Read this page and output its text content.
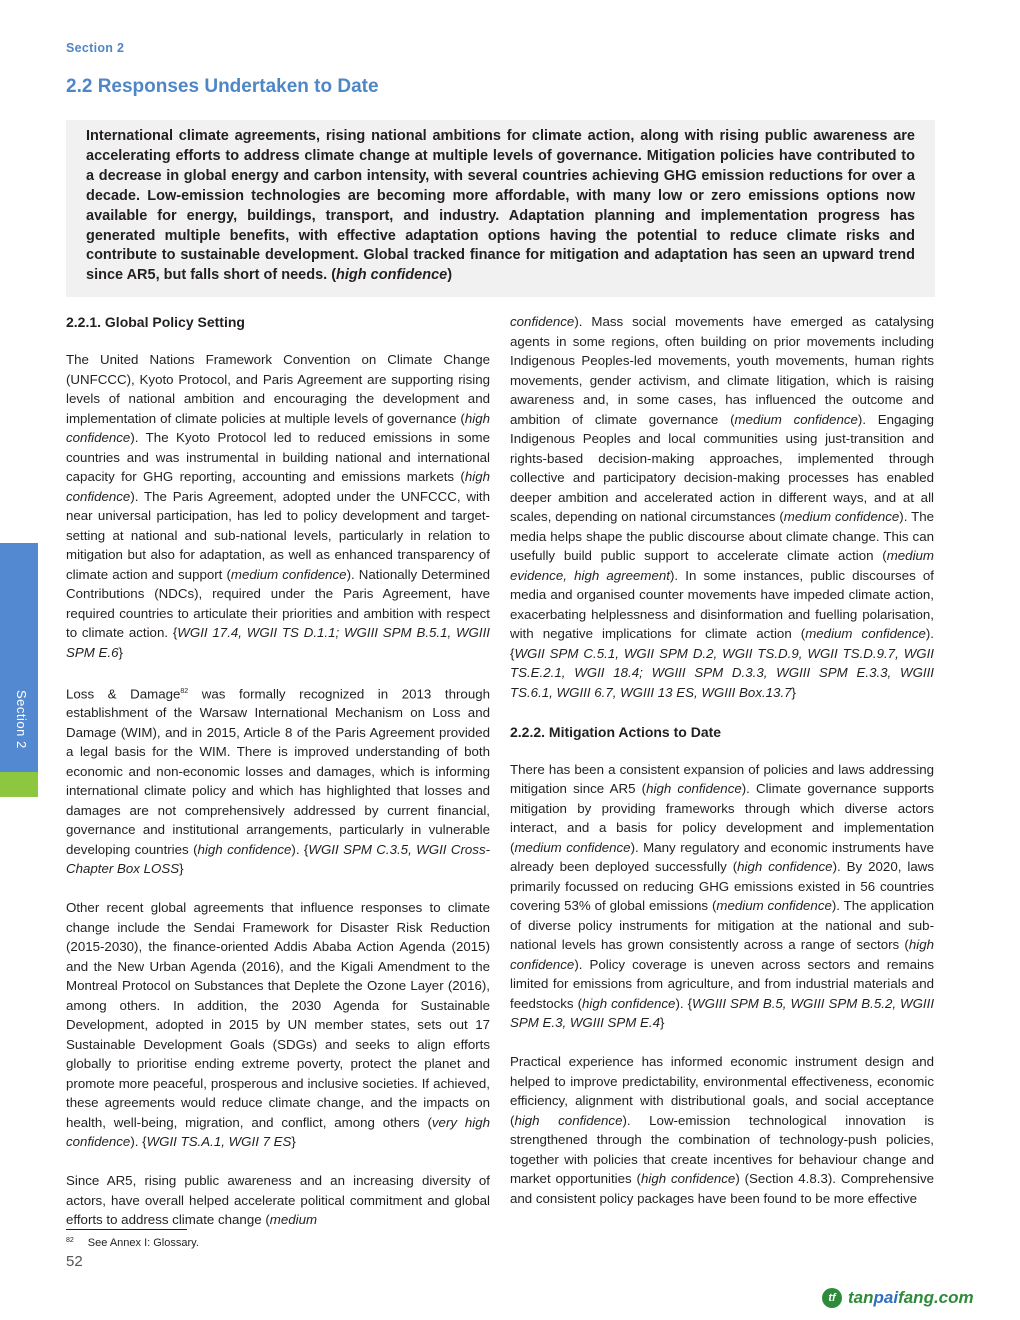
Section 2
2.2 Responses Undertaken to Date

International climate agreements, rising national ambitions for climate action, along with rising public awareness are accelerating efforts to address climate change at multiple levels of governance. Mitigation policies have contributed to a decrease in global energy and carbon intensity, with several countries achieving GHG emission reductions for over a decade. Low-emission technologies are becoming more affordable, with many low or zero emissions options now available for energy, buildings, transport, and industry. Adaptation planning and implementation progress has generated multiple benefits, with effective adaptation options having the potential to reduce climate risks and contribute to sustainable development. Global tracked finance for mitigation and adaptation has seen an upward trend since AR5, but falls short of needs. (high confidence)

2.2.1. Global Policy Setting

The United Nations Framework Convention on Climate Change (UNFCCC), Kyoto Protocol, and Paris Agreement are supporting rising levels of national ambition and encouraging the development and implementation of climate policies at multiple levels of governance (high confidence). The Kyoto Protocol led to reduced emissions in some countries and was instrumental in building national and international capacity for GHG reporting, accounting and emissions markets (high confidence). The Paris Agreement, adopted under the UNFCCC, with near universal participation, has led to policy development and target-setting at national and sub-national levels, particularly in relation to mitigation but also for adaptation, as well as enhanced transparency of climate action and support (medium confidence). Nationally Determined Contributions (NDCs), required under the Paris Agreement, have required countries to articulate their priorities and ambition with respect to climate action. {WGII 17.4, WGII TS D.1.1; WGIII SPM B.5.1, WGIII SPM E.6}

Loss & Damage$^{82}$ was formally recognized in 2013 through establishment of the Warsaw International Mechanism on Loss and Damage (WIM), and in 2015, Article 8 of the Paris Agreement provided a legal basis for the WIM. There is improved understanding of both economic and non-economic losses and damages, which is informing international climate policy and which has highlighted that losses and damages are not comprehensively addressed by current financial, governance and institutional arrangements, particularly in vulnerable developing countries (high confidence). {WGII SPM C.3.5, WGII Cross-Chapter Box LOSS}

Other recent global agreements that influence responses to climate change include the Sendai Framework for Disaster Risk Reduction (2015-2030), the finance-oriented Addis Ababa Action Agenda (2015) and the New Urban Agenda (2016), and the Kigali Amendment to the Montreal Protocol on Substances that Deplete the Ozone Layer (2016), among others. In addition, the 2030 Agenda for Sustainable Development, adopted in 2015 by UN member states, sets out 17 Sustainable Development Goals (SDGs) and seeks to align efforts globally to prioritise ending extreme poverty, protect the planet and promote more peaceful, prosperous and inclusive societies. If achieved, these agreements would reduce climate change, and the impacts on health, well-being, migration, and conflict, among others (very high confidence). {WGII TS.A.1, WGII 7 ES}

Since AR5, rising public awareness and an increasing diversity of actors, have overall helped accelerate political commitment and global efforts to address climate change (medium

confidence). Mass social movements have emerged as catalysing agents in some regions, often building on prior movements including Indigenous Peoples-led movements, youth movements, human rights movements, gender activism, and climate litigation, which is raising awareness and, in some cases, has influenced the outcome and ambition of climate governance (medium confidence). Engaging Indigenous Peoples and local communities using just-transition and rights-based decision-making approaches, implemented through collective and participatory decision-making processes has enabled deeper ambition and accelerated action in different ways, and at all scales, depending on national circumstances (medium confidence). The media helps shape the public discourse about climate change. This can usefully build public support to accelerate climate action (medium evidence, high agreement). In some instances, public discourses of media and organised counter movements have impeded climate action, exacerbating helplessness and disinformation and fuelling polarisation, with negative implications for climate action (medium confidence). {WGII SPM C.5.1, WGII SPM D.2, WGII TS.D.9, WGII TS.D.9.7, WGII TS.E.2.1, WGII 18.4; WGIII SPM D.3.3, WGIII SPM E.3.3, WGIII TS.6.1, WGIII 6.7, WGIII 13 ES, WGIII Box.13.7}

2.2.2. Mitigation Actions to Date

There has been a consistent expansion of policies and laws addressing mitigation since AR5 (high confidence). Climate governance supports mitigation by providing frameworks through which diverse actors interact, and a basis for policy development and implementation (medium confidence). Many regulatory and economic instruments have already been deployed successfully (high confidence). By 2020, laws primarily focussed on reducing GHG emissions existed in 56 countries covering 53% of global emissions (medium confidence). The application of diverse policy instruments for mitigation at the national and sub-national levels has grown consistently across a range of sectors (high confidence). Policy coverage is uneven across sectors and remains limited for emissions from agriculture, and from industrial materials and feedstocks (high confidence). {WGIII SPM B.5, WGIII SPM B.5.2, WGIII SPM E.3, WGIII SPM E.4}

Practical experience has informed economic instrument design and helped to improve predictability, environmental effectiveness, economic efficiency, alignment with distributional goals, and social acceptance (high confidence). Low-emission technological innovation is strengthened through the combination of technology-push policies, together with policies that create incentives for behaviour change and market opportunities (high confidence) (Section 4.8.3). Comprehensive and consistent policy packages have been found to be more effective

$^{82}$ See Annex I: Glossary.
52
Section 2
tf tanpaifang.com
